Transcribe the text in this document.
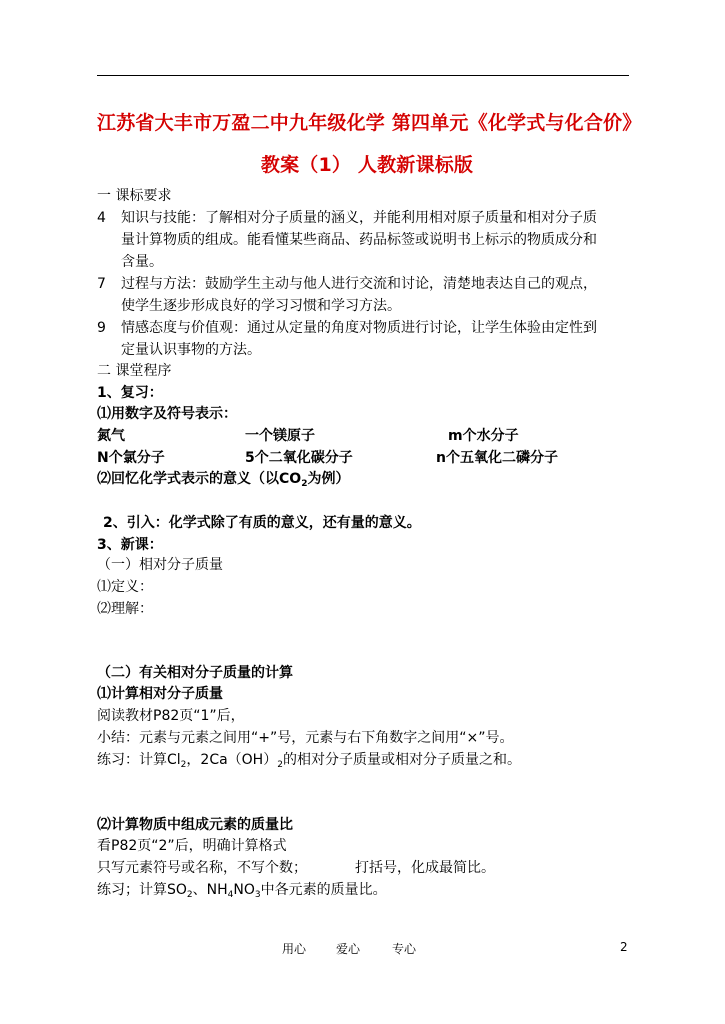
江苏省大丰市万盈二中九年级化学 第四单元《化学式与化合价》
教案（1） 人教新课标版
一 课标要求
4 知识与技能：了解相对分子质量的涵义，并能利用相对原子质量和相对分子质
量计算物质的组成。能看懂某些商品、药品标签或说明书上标示的物质成分和
含量。
7 过程与方法：鼓励学生主动与他人进行交流和讨论，清楚地表达自己的观点，
使学生逐步形成良好的学习习惯和学习方法。
9 情感态度与价值观：通过从定量的角度对物质进行讨论，让学生体验由定性到
定量认识事物的方法。
二 课堂程序
1、复习：
⑴用数字及符号表示：
氮气	一个镁原子	m个水分子
N个氯分子	5个二氧化碳分子	n个五氧化二磷分子
⑵回忆化学式表示的意义（以$CO_2$为例）
2、引入：化学式除了有质的意义，还有量的意义。
3、新课：
（一）相对分子质量
⑴定义：
⑵理解：
（二）有关相对分子质量的计算
⑴计算相对分子质量
阅读教材P82页“1”后，
小结：元素与元素之间用“+”号，元素与右下角数字之间用“×”号。
练习：计算$Cl_2$，$2Ca(OH)_2$的相对分子质量或相对分子质量之和。
⑵计算物质中组成元素的质量比
看P82页“2”后，明确计算格式
只写元素符号或名称，不写个数；	打括号，化成最简比。
练习；计算$SO_2$、$NH_4NO_3$中各元素的质量比。
用心 爱心	专心	2
